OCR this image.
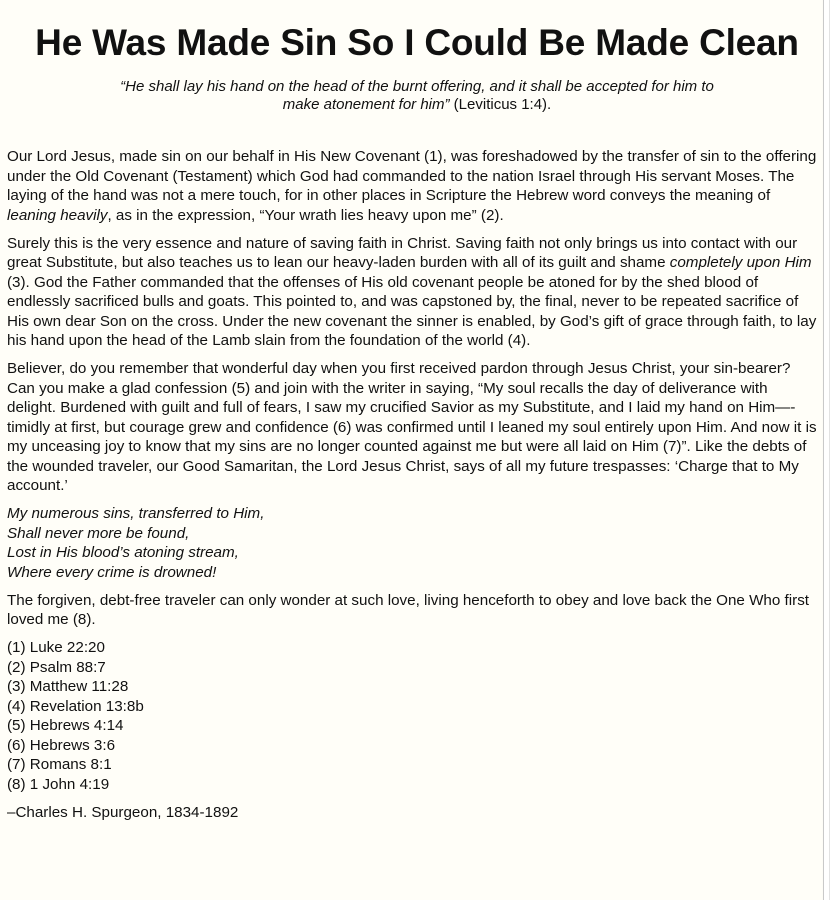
He Was Made Sin So I Could Be Made Clean

“He shall lay his hand on the head of the burnt offering, and it shall be accepted for him to make atonement for him” (Leviticus 1:4).

Our Lord Jesus, made sin on our behalf in His New Covenant (1), was foreshadowed by the transfer of sin to the offering under the Old Covenant (Testament) which God had commanded to the nation Israel through His servant Moses. The laying of the hand was not a mere touch, for in other places in Scripture the Hebrew word conveys the meaning of leaning heavily, as in the expression, “Your wrath lies heavy upon me” (2).

Surely this is the very essence and nature of saving faith in Christ. Saving faith not only brings us into contact with our great Substitute, but also teaches us to lean our heavy-laden burden with all of its guilt and shame completely upon Him (3). God the Father commanded that the offenses of His old covenant people be atoned for by the shed blood of endlessly sacrificed bulls and goats. This pointed to, and was capstoned by, the final, never to be repeated sacrifice of His own dear Son on the cross. Under the new covenant the sinner is enabled, by God’s gift of grace through faith, to lay his hand upon the head of the Lamb slain from the foundation of the world (4).

Believer, do you remember that wonderful day when you first received pardon through Jesus Christ, your sin-bearer? Can you make a glad confession (5) and join with the writer in saying, “My soul recalls the day of deliverance with delight. Burdened with guilt and full of fears, I saw my crucified Savior as my Substitute, and I laid my hand on Him—-timidly at first, but courage grew and confidence (6) was confirmed until I leaned my soul entirely upon Him. And now it is my unceasing joy to know that my sins are no longer counted against me but were all laid on Him (7)”. Like the debts of the wounded traveler, our Good Samaritan, the Lord Jesus Christ, says of all my future trespasses: ‘Charge that to My account.’

My numerous sins, transferred to Him,
Shall never more be found,
Lost in His blood’s atoning stream,
Where every crime is drowned!

The forgiven, debt-free traveler can only wonder at such love, living henceforth to obey and love back the One Who first loved me (8).

(1) Luke 22:20
(2) Psalm 88:7
(3) Matthew 11:28
(4) Revelation 13:8b
(5) Hebrews 4:14
(6) Hebrews 3:6
(7) Romans 8:1
(8) 1 John 4:19

–Charles H. Spurgeon, 1834-1892
